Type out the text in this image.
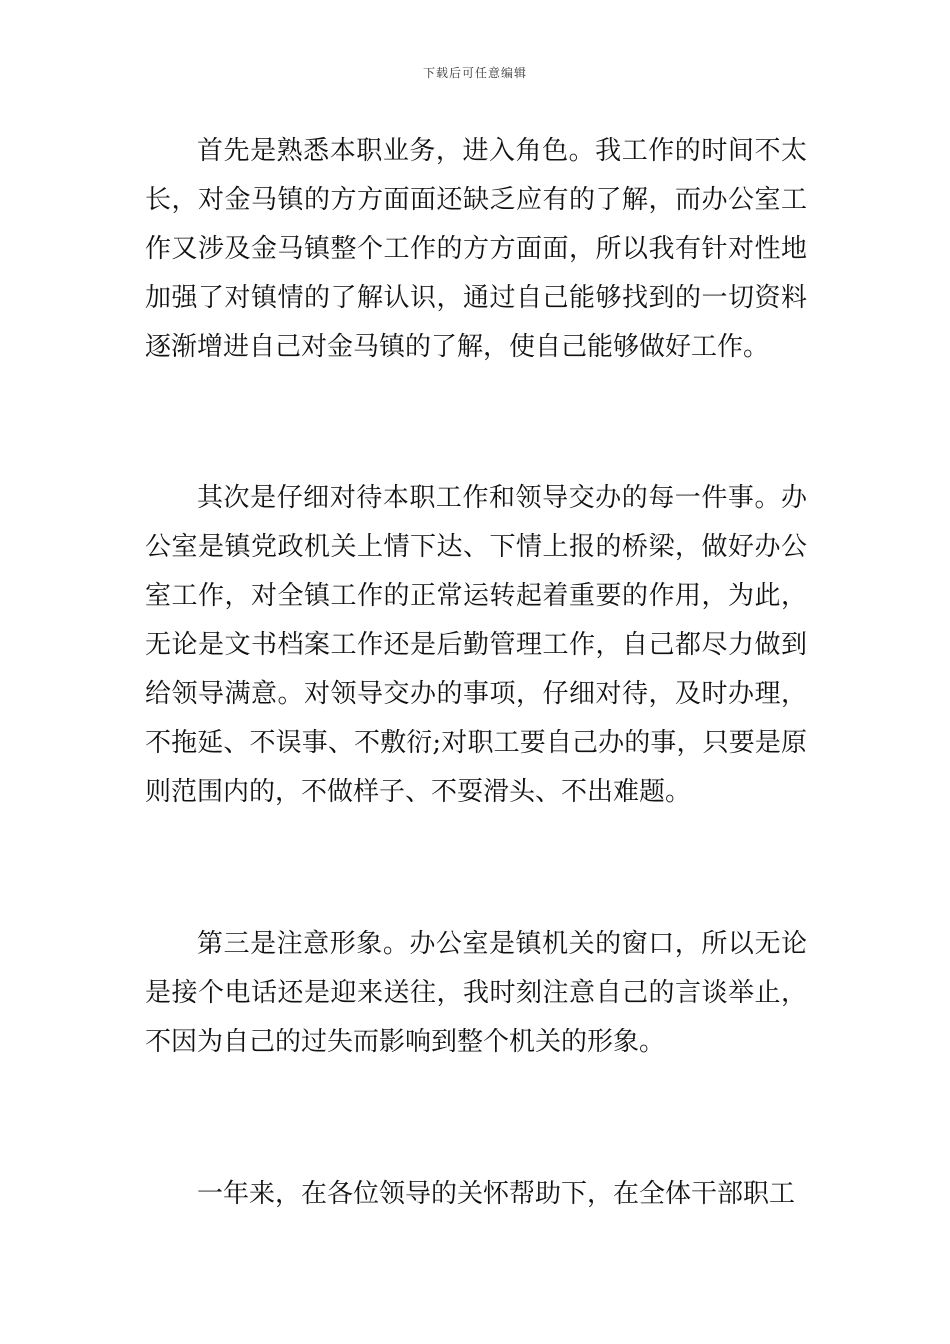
下载后可任意编辑

首先是熟悉本职业务，进入角色。我工作的时间不太长，对金马镇的方方面面还缺乏应有的了解，而办公室工作又涉及金马镇整个工作的方方面面，所以我有针对性地加强了对镇情的了解认识，通过自己能够找到的一切资料逐渐增进自己对金马镇的了解，使自己能够做好工作。

其次是仔细对待本职工作和领导交办的每一件事。办公室是镇党政机关上情下达、下情上报的桥梁，做好办公室工作，对全镇工作的正常运转起着重要的作用，为此，无论是文书档案工作还是后勤管理工作，自己都尽力做到给领导满意。对领导交办的事项，仔细对待，及时办理，不拖延、不误事、不敷衍;对职工要自己办的事，只要是原则范围内的，不做样子、不耍滑头、不出难题。

第三是注意形象。办公室是镇机关的窗口，所以无论是接个电话还是迎来送往，我时刻注意自己的言谈举止，不因为自己的过失而影响到整个机关的形象。

一年来，在各位领导的关怀帮助下，在全体干部职工
